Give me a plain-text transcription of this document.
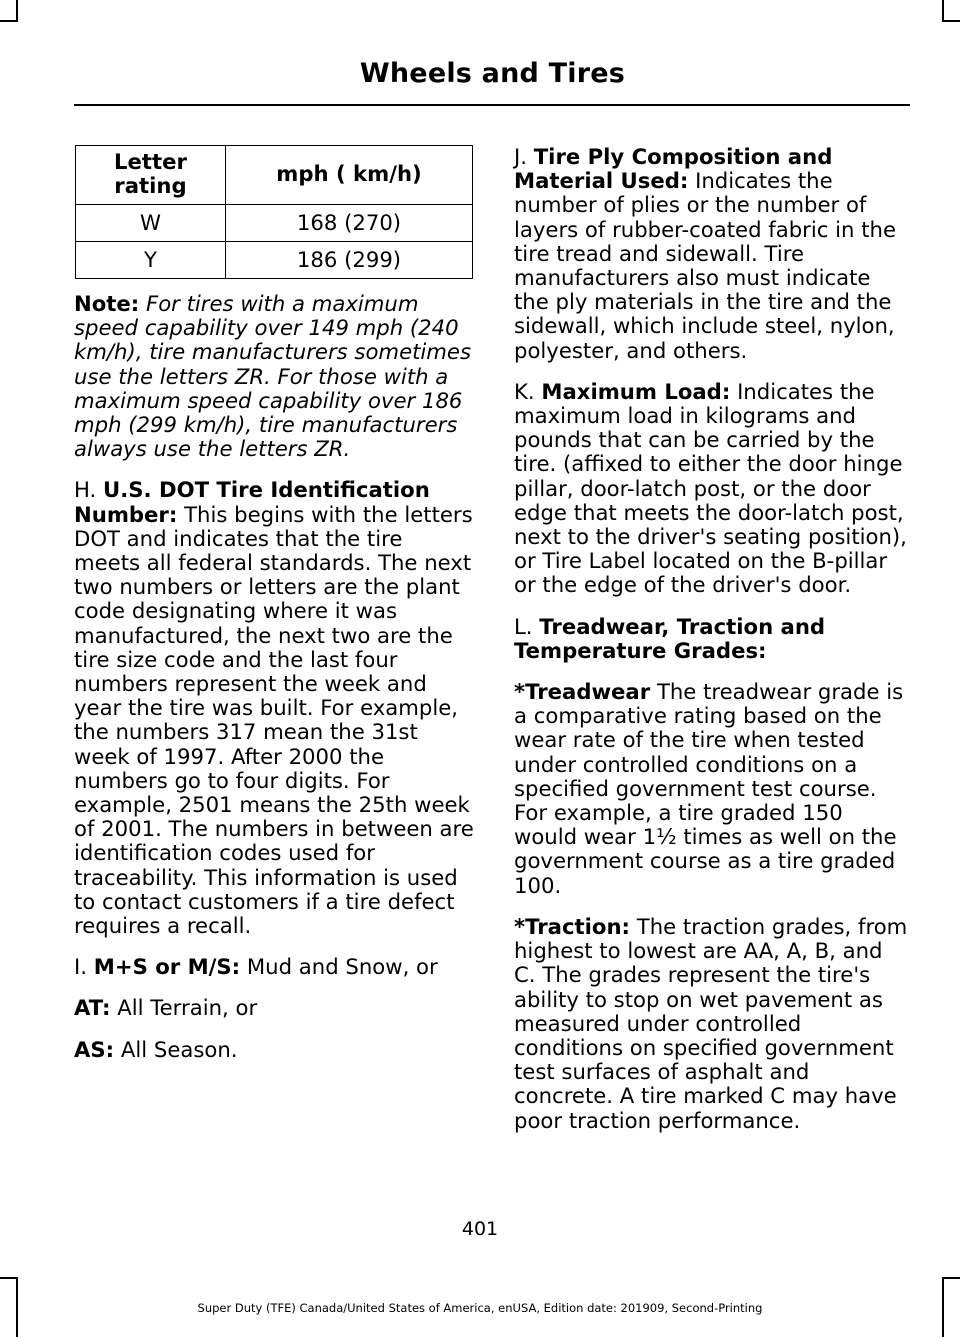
Wheels and Tires
Letter rating	mph ( km/h)
W	168 (270)
Y	186 (299)

Note: For tires with a maximum speed capability over 149 mph (240 km/h), tire manufacturers sometimes use the letters ZR. For those with a maximum speed capability over 186 mph (299 km/h), tire manufacturers always use the letters ZR.

H. U.S. DOT Tire Identification Number: This begins with the letters DOT and indicates that the tire meets all federal standards. The next two numbers or letters are the plant code designating where it was manufactured, the next two are the tire size code and the last four numbers represent the week and year the tire was built. For example, the numbers 317 mean the 31st week of 1997. After 2000 the numbers go to four digits. For example, 2501 means the 25th week of 2001. The numbers in between are identification codes used for traceability. This information is used to contact customers if a tire defect requires a recall.

I. M+S or M/S: Mud and Snow, or

AT: All Terrain, or

AS: All Season.

J. Tire Ply Composition and Material Used: Indicates the number of plies or the number of layers of rubber-coated fabric in the tire tread and sidewall. Tire manufacturers also must indicate the ply materials in the tire and the sidewall, which include steel, nylon, polyester, and others.

K. Maximum Load: Indicates the maximum load in kilograms and pounds that can be carried by the tire. (affixed to either the door hinge pillar, door-latch post, or the door edge that meets the door-latch post, next to the driver's seating position), or Tire Label located on the B-pillar or the edge of the driver's door.

L. Treadwear, Traction and Temperature Grades:

*Treadwear The treadwear grade is a comparative rating based on the wear rate of the tire when tested under controlled conditions on a specified government test course. For example, a tire graded 150 would wear 1½ times as well on the government course as a tire graded 100.

*Traction: The traction grades, from highest to lowest are AA, A, B, and C. The grades represent the tire's ability to stop on wet pavement as measured under controlled conditions on specified government test surfaces of asphalt and concrete. A tire marked C may have poor traction performance.

401
Super Duty (TFE) Canada/United States of America, enUSA, Edition date: 201909, Second-Printing
